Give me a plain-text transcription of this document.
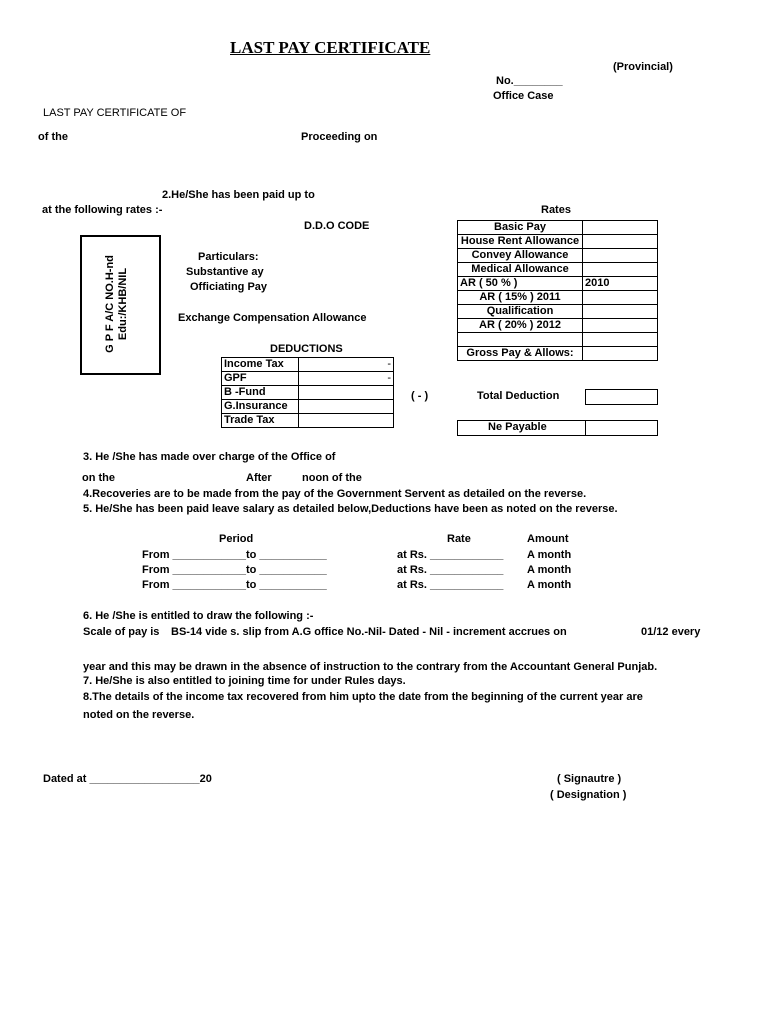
LAST PAY CERTIFICATE
(Provincial)
No.________
Office Case
LAST PAY CERTIFICATE OF
of the	Proceeding on
2.He/She has been paid up to
at the following rates :-	Rates
D.D.O CODE
G P F A/C NO.H-nd Edu:/KHB/NIL
Particulars:
Substantive ay
Officiating Pay
Exchange Compensation Allowance
Basic Pay	
House Rent Allowance	
Convey Allowance	
Medical Allowance	
AR ( 50 % )	2010
AR ( 15% ) 2011	
Qualification	
AR ( 20% ) 2012	

Gross Pay & Allows:	
DEDUCTIONS
Income Tax	-
GPF	-
B -Fund	
G.Insurance	
Trade Tax	
( - )	Total Deduction
Ne Payable
3. He /She has made over charge of the Office of
on the	After	noon of the
4.Recoveries are to be made from the pay of the Government Servent as detailed on the reverse.
5. He/She has been paid leave salary as detailed below,Deductions have been as noted on the reverse.
Period	Rate	Amount
From ____________to ___________	at Rs. ____________ A month
From ____________to ___________	at Rs. ____________ A month
From ____________to ___________	at Rs. ____________ A month
6. He /She is entitled to draw the following :-
Scale of pay is BS-14 vide s. slip from A.G office No.-Nil- Dated - Nil - increment accrues on	01/12 every
year and this may be drawn in the absence of instruction to the contrary from the Accountant General Punjab.
7. He/She is also entitled to joining time for under Rules days.
8.The details of the income tax recovered from him upto the date from the beginning of the current year are
noted on the reverse.
Dated at __________________20	( Signautre )
( Designation )
